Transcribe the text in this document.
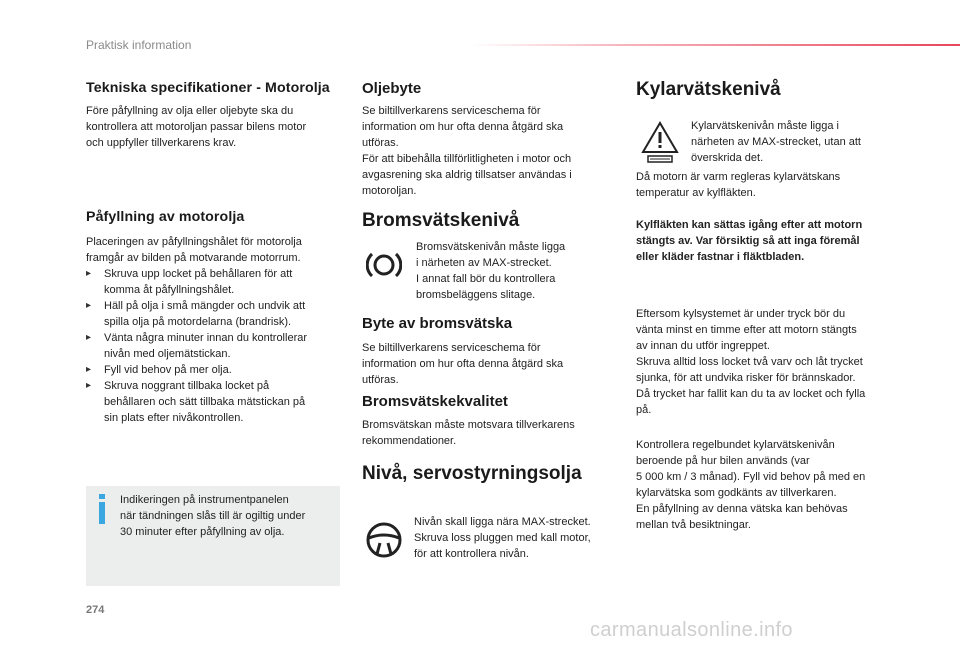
Praktisk information
Tekniska specifikationer - Motorolja

Före påfyllning av olja eller oljebyte ska du
kontrollera att motoroljan passar bilens motor
och uppfyller tillverkarens krav.

Påfyllning av motorolja

Placeringen av påfyllningshålet för motorolja
framgår av bilden på motvarande motorrum.

▸ Skruva upp locket på behållaren för att
komma åt påfyllningshålet.
▸ Häll på olja i små mängder och undvik att
spilla olja på motordelarna (brandrisk).
▸ Vänta några minuter innan du kontrollerar
nivån med oljemätstickan.
▸ Fyll vid behov på mer olja.
▸ Skruva noggrant tillbaka locket på
behållaren och sätt tillbaka mätstickan på
sin plats efter nivåkontrollen.

Indikeringen på instrumentpanelen
när tändningen slås till är ogiltig under
30 minuter efter påfyllning av olja.

Oljebyte

Se biltillverkarens serviceschema för
information om hur ofta denna åtgärd ska
utföras.
För att bibehålla tillförlitligheten i motor och
avgasrening ska aldrig tillsatser användas i
motoroljan.

Bromsvätskenivå

Bromsvätskenivån måste ligga
i närheten av MAX-strecket.
I annat fall bör du kontrollera
bromsbeläggens slitage.

Byte av bromsvätska

Se biltillverkarens serviceschema för
information om hur ofta denna åtgärd ska
utföras.

Bromsvätskekvalitet

Bromsvätskan måste motsvara tillverkarens
rekommendationer.

Nivå, servostyrningsolja

Nivån skall ligga nära MAX-strecket.
Skruva loss pluggen med kall motor,
för att kontrollera nivån.

Kylarvätskenivå

Kylarvätskenivån måste ligga i
närheten av MAX-strecket, utan att
överskrida det.

Då motorn är varm regleras kylarvätskans
temperatur av kylfläkten.

Kylfläkten kan sättas igång efter att motorn
stängts av. Var försiktig så att inga föremål
eller kläder fastnar i fläktbladen.

Eftersom kylsystemet är under tryck bör du
vänta minst en timme efter att motorn stängts
av innan du utför ingreppet.
Skruva alltid loss locket två varv och låt trycket
sjunka, för att undvika risker för brännskador.
Då trycket har fallit kan du ta av locket och fylla
på.

Kontrollera regelbundet kylarvätskenivån
beroende på hur bilen används (var
5 000 km / 3 månad). Fyll vid behov på med en
kylarvätska som godkänts av tillverkaren.
En påfyllning av denna vätska kan behövas
mellan två besiktningar.

274
carmanualsonline.info
